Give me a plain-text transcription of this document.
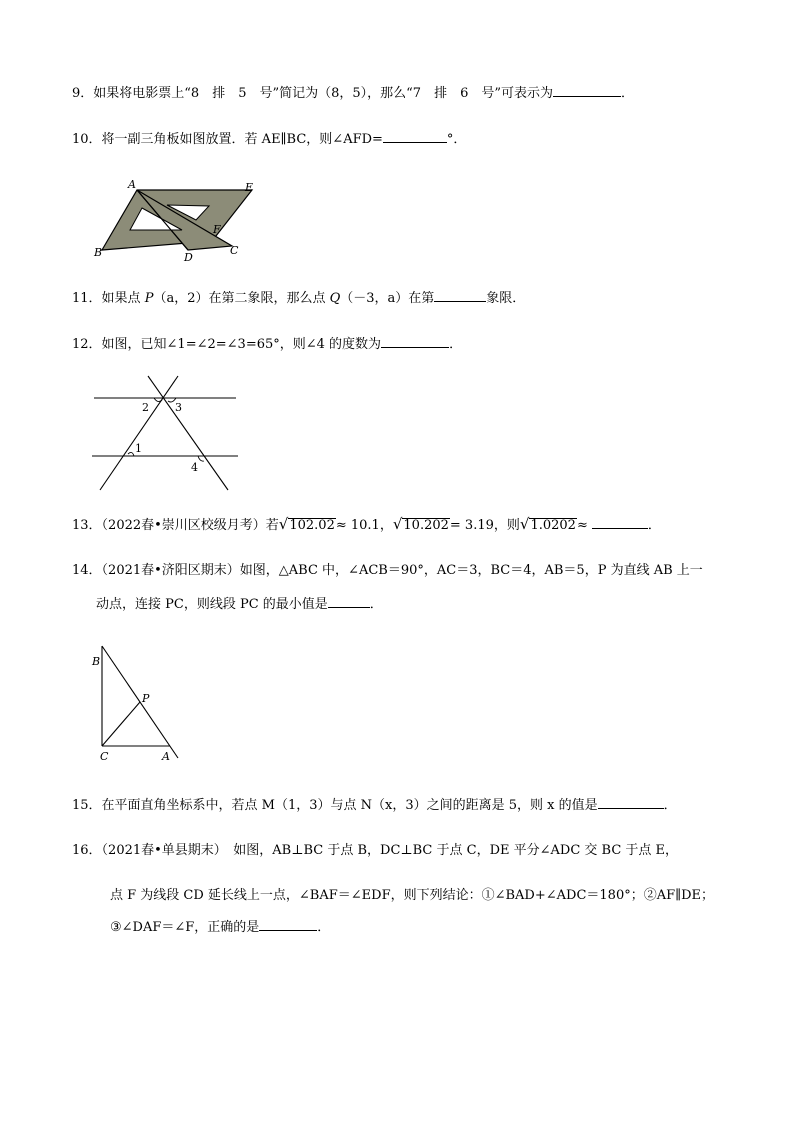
9．如果将电影票上“8　排　5　号”简记为（8，5），那么“7　排　6　号”可表示为	．
10．将一副三角板如图放置．若 AE∥BC，则∠AFD=	°．
A	E
B	D
C
F
11．如果点 P（a，2）在第二象限，那么点 Q（－3，a）在第	象限．
12．如图，已知∠1=∠2=∠3=65°，则∠4 的度数为	．
2 3
1
4
13．（2022春•崇川区校级月考）若√102.02≈ 10.1，√10.202= 3.19，则√1.0202≈	．
14．（2021春•济阳区期末）如图，△ABC 中，∠ACB＝90°，AC＝3，BC＝4，AB＝5，P 为直线 AB 上一
动点，连接 PC，则线段 PC 的最小值是	．
B
P
C	A
15．在平面直角坐标系中，若点 M（1，3）与点 N（x，3）之间的距离是 5，则 x 的值是	．
16．（2021春•单县期末）　如图，AB⊥BC 于点 B，DC⊥BC 于点 C，DE 平分∠ADC 交 BC 于点 E，
点 F 为线段 CD 延长线上一点，∠BAF＝∠EDF，则下列结论：①∠BAD+∠ADC＝180°；②AF∥DE；
③∠DAF＝∠F，正确的是	．
